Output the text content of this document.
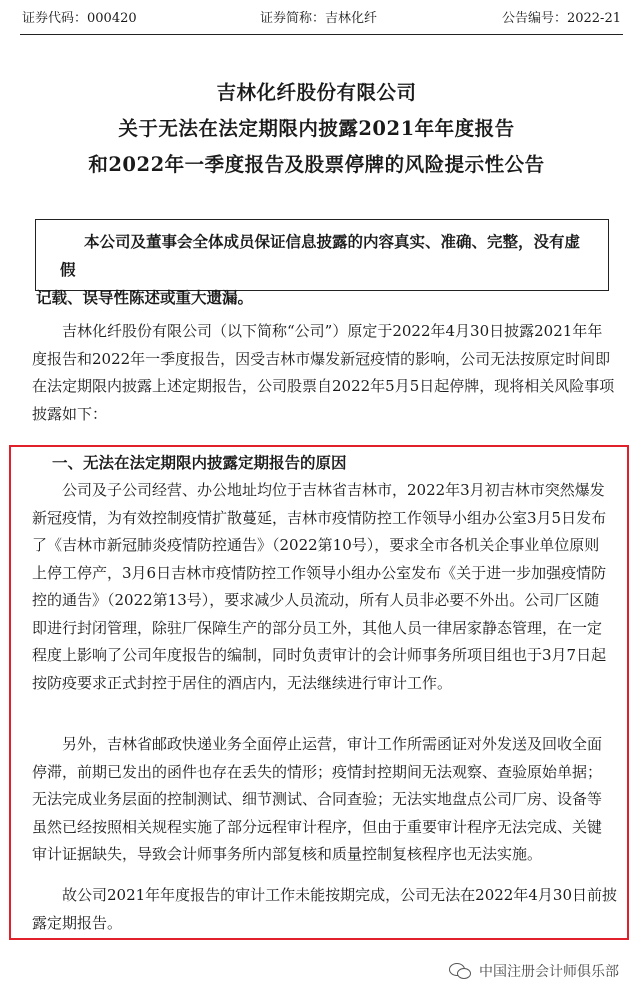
证券代码：000420	证券简称：吉林化纤	公告编号：2022-21
吉林化纤股份有限公司
关于无法在法定期限内披露2021年年度报告
和2022年一季度报告及股票停牌的风险提示性公告

本公司及董事会全体成员保证信息披露的内容真实、准确、完整，没有虚假
记载、误导性陈述或重大遗漏。

吉林化纤股份有限公司（以下简称“公司”）原定于2022年4月30日披露2021年年
度报告和2022年一季度报告，因受吉林市爆发新冠疫情的影响，公司无法按原定时间即
在法定期限内披露上述定期报告，公司股票自2022年5月5日起停牌，现将相关风险事项
披露如下：
一、无法在法定期限内披露定期报告的原因
公司及子公司经营、办公地址均位于吉林省吉林市，2022年3月初吉林市突然爆发
新冠疫情，为有效控制疫情扩散蔓延，吉林市疫情防控工作领导小组办公室3月5日发布
了《吉林市新冠肺炎疫情防控通告》（2022第10号），要求全市各机关企事业单位原则
上停工停产，3月6日吉林市疫情防控工作领导小组办公室发布《关于进一步加强疫情防
控的通告》（2022第13号），要求减少人员流动，所有人员非必要不外出。公司厂区随
即进行封闭管理，除驻厂保障生产的部分员工外，其他人员一律居家静态管理，在一定
程度上影响了公司年度报告的编制，同时负责审计的会计师事务所项目组也于3月7日起
按防疫要求正式封控于居住的酒店内，无法继续进行审计工作。
另外，吉林省邮政快递业务全面停止运营，审计工作所需函证对外发送及回收全面
停滞，前期已发出的函件也存在丢失的情形；疫情封控期间无法观察、查验原始单据；
无法完成业务层面的控制测试、细节测试、合同查验；无法实地盘点公司厂房、设备等
虽然已经按照相关规程实施了部分远程审计程序，但由于重要审计程序无法完成、关键
审计证据缺失，导致会计师事务所内部复核和质量控制复核程序也无法实施。
故公司2021年年度报告的审计工作未能按期完成，公司无法在2022年4月30日前披
露定期报告。
中国注册会计师俱乐部
